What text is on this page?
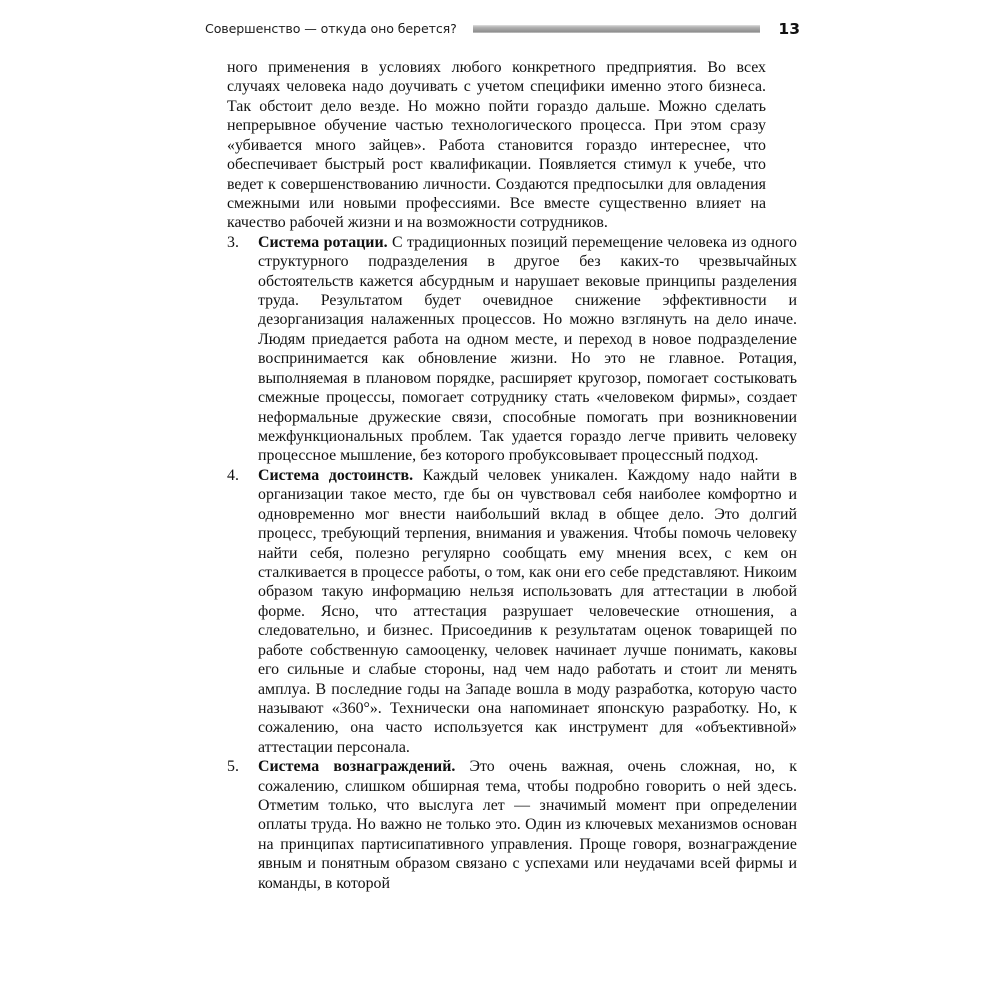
Совершенство — откуда оно берется?	13

ного применения в условиях любого конкретного предприятия. Во всех случаях человека надо доучивать с учетом специфики именно этого бизнеса. Так обстоит дело везде. Но можно пойти гораздо дальше. Можно сделать непрерывное обучение частью технологического процесса. При этом сразу «убивается много зайцев». Работа становится гораздо интереснее, что обеспечивает быстрый рост квалификации. Появляется стимул к учебе, что ведет к совершенствованию личности. Создаются предпосылки для овладения смежными или новыми профессиями. Все вместе существенно влияет на качество рабочей жизни и на возможности сотрудников.

3.	Система ротации. С традиционных позиций перемещение человека из одного структурного подразделения в другое без каких-то чрезвычайных обстоятельств кажется абсурдным и нарушает вековые принципы разделения труда. Результатом будет очевидное снижение эффективности и дезорганизация налаженных процессов. Но можно взглянуть на дело иначе. Людям приедается работа на одном месте, и переход в новое подразделение воспринимается как обновление жизни. Но это не главное. Ротация, выполняемая в плановом порядке, расширяет кругозор, помогает состыковать смежные процессы, помогает сотруднику стать «человеком фирмы», создает неформальные дружеские связи, способные помогать при возникновении межфункциональных проблем. Так удается гораздо легче привить человеку процессное мышление, без которого пробуксовывает процессный подход.
4.	Система достоинств. Каждый человек уникален. Каждому надо найти в организации такое место, где бы он чувствовал себя наиболее комфортно и одновременно мог внести наибольший вклад в общее дело. Это долгий процесс, требующий терпения, внимания и уважения. Чтобы помочь человеку найти себя, полезно регулярно сообщать ему мнения всех, с кем он сталкивается в процессе работы, о том, как они его себе представляют. Никоим образом такую информацию нельзя использовать для аттестации в любой форме. Ясно, что аттестация разрушает человеческие отношения, а следовательно, и бизнес. Присоединив к результатам оценок товарищей по работе собственную самооценку, человек начинает лучше понимать, каковы его сильные и слабые стороны, над чем надо работать и стоит ли менять амплуа. В последние годы на Западе вошла в моду разработка, которую часто называют «360°». Технически она напоминает японскую разработку. Но, к сожалению, она часто используется как инструмент для «объективной» аттестации персонала.
5.	Система вознаграждений. Это очень важная, очень сложная, но, к сожалению, слишком обширная тема, чтобы подробно говорить о ней здесь. Отметим только, что выслуга лет — значимый момент при определении оплаты труда. Но важно не только это. Один из ключевых механизмов основан на принципах партисипативного управления. Проще говоря, вознаграждение явным и понятным образом связано с успехами или неудачами всей фирмы и команды, в которой
